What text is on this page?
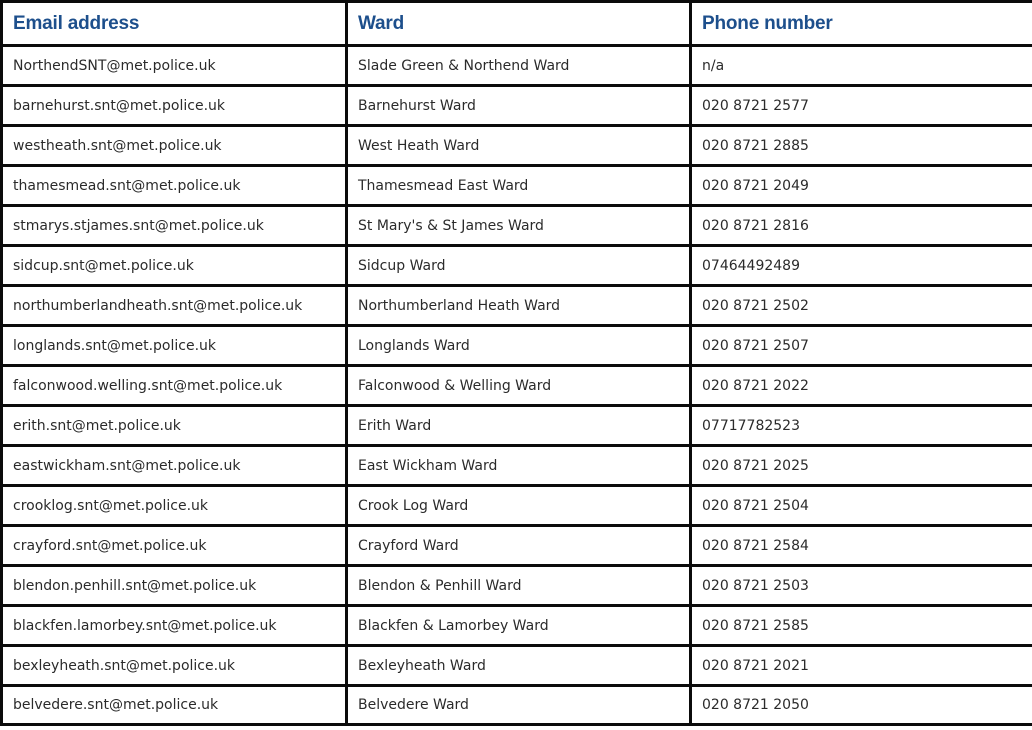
Email address	Ward	Phone number
NorthendSNT@met.police.uk	Slade Green & Northend Ward	n/a
barnehurst.snt@met.police.uk	Barnehurst Ward	020 8721 2577
westheath.snt@met.police.uk	West Heath Ward	020 8721 2885
thamesmead.snt@met.police.uk	Thamesmead East Ward	020 8721 2049
stmarys.stjames.snt@met.police.uk	St Mary's & St James Ward	020 8721 2816
sidcup.snt@met.police.uk	Sidcup Ward	07464492489
northumberlandheath.snt@met.police.uk	Northumberland Heath Ward	020 8721 2502
longlands.snt@met.police.uk	Longlands Ward	020 8721 2507
falconwood.welling.snt@met.police.uk	Falconwood & Welling Ward	020 8721 2022
erith.snt@met.police.uk	Erith Ward	07717782523
eastwickham.snt@met.police.uk	East Wickham Ward	020 8721 2025
crooklog.snt@met.police.uk	Crook Log Ward	020 8721 2504
crayford.snt@met.police.uk	Crayford Ward	020 8721 2584
blendon.penhill.snt@met.police.uk	Blendon & Penhill Ward	020 8721 2503
blackfen.lamorbey.snt@met.police.uk	Blackfen & Lamorbey Ward	020 8721 2585
bexleyheath.snt@met.police.uk	Bexleyheath Ward	020 8721 2021
belvedere.snt@met.police.uk	Belvedere Ward	020 8721 2050
